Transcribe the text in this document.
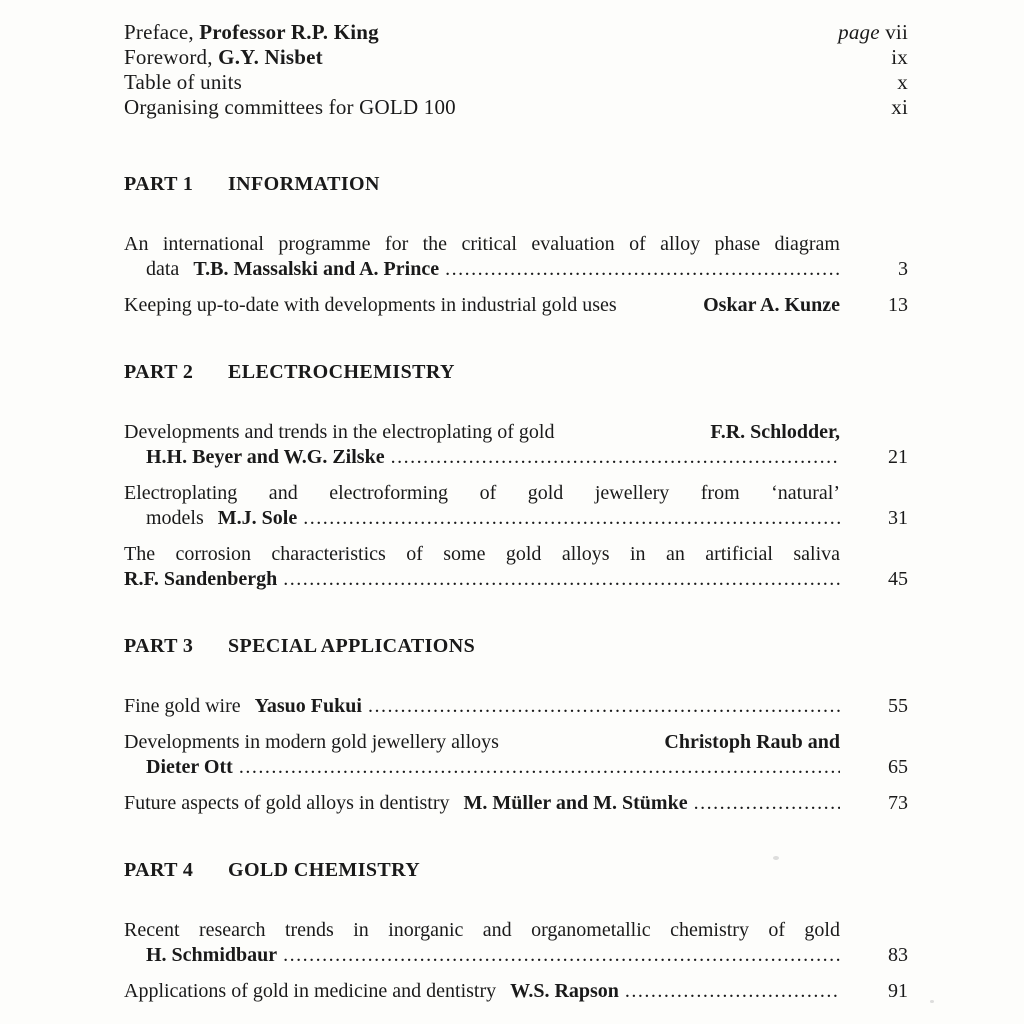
Preface, Professor R.P. King	page vii
Foreword, G.Y. Nisbet	ix
Table of units	x
Organising committees for GOLD 100	xi
PART 1 INFORMATION
An international programme for the critical evaluation of alloy phase diagram
data T.B. Massalski and A. Prince .....	3
Keeping up-to-date with developments in industrial gold uses	Oskar A. Kunze 13
PART 2 ELECTROCHEMISTRY
Developments and trends in the electroplating of gold	F.R. Schlodder,
H.H. Beyer and W.G. Zilske .....	21
Electroplating and electroforming of gold jewellery from ‘natural’
models M.J. Sole .....	31
The corrosion characteristics of some gold alloys in an artificial saliva
R.F. Sandenbergh .....	45
PART 3 SPECIAL APPLICATIONS
Fine gold wire Yasuo Fukui .....	55
Developments in modern gold jewellery alloys	Christoph Raub and
Dieter Ott .....	65
Future aspects of gold alloys in dentistry M. Müller and M. Stümke .....	73
PART 4 GOLD CHEMISTRY
Recent research trends in inorganic and organometallic chemistry of gold
H. Schmidbaur .....	83
Applications of gold in medicine and dentistry W.S. Rapson .....	91
